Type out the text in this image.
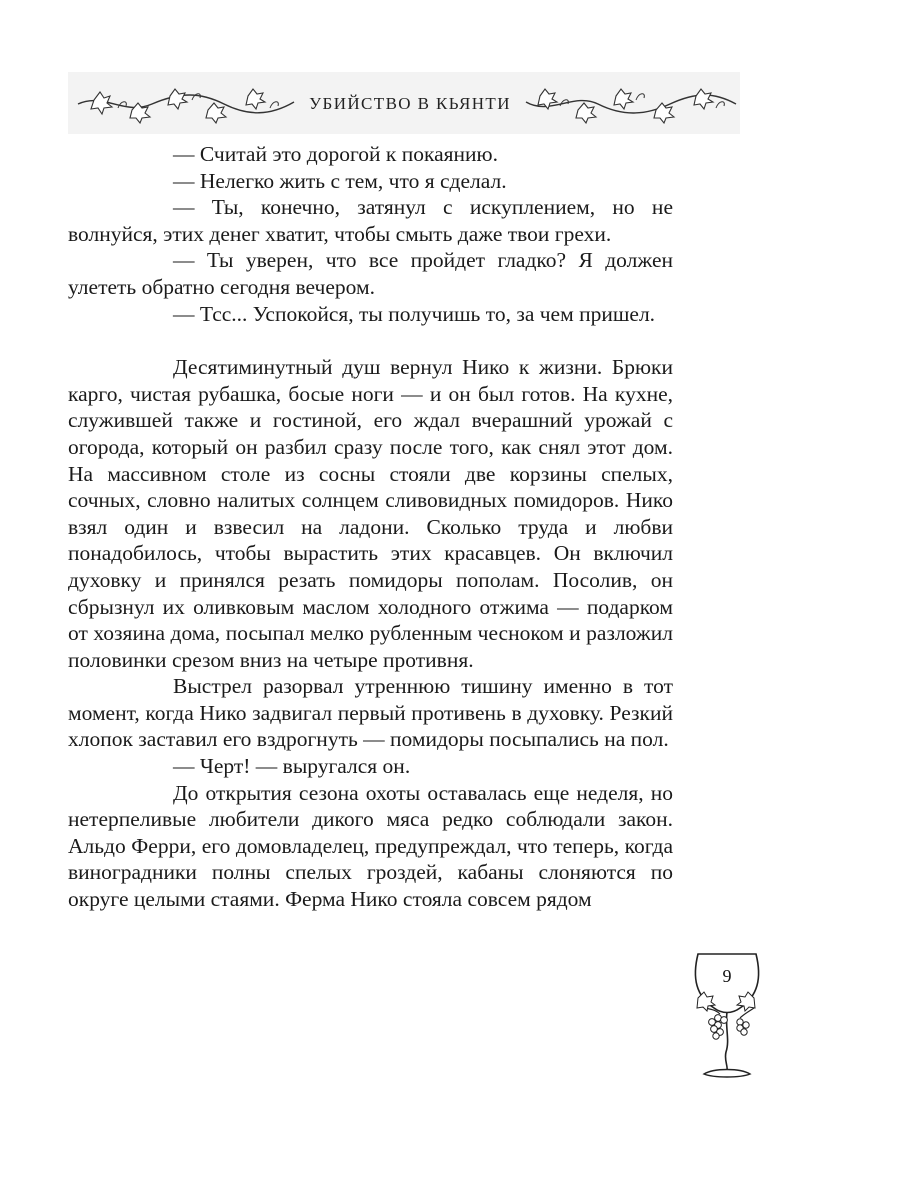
УБИЙСТВО В КЬЯНТИ

— Считай это дорогой к покаянию.

— Нелегко жить с тем, что я сделал.

— Ты, конечно, затянул с искуплением, но не волнуйся, этих денег хватит, чтобы смыть даже твои грехи.

— Ты уверен, что все пройдет гладко? Я должен улететь обратно сегодня вечером.

— Тсс... Успокойся, ты получишь то, за чем пришел.

Десятиминутный душ вернул Нико к жизни. Брюки карго, чистая рубашка, босые ноги — и он был готов. На кухне, служившей также и гостиной, его ждал вчерашний урожай с огорода, который он разбил сразу после того, как снял этот дом. На массивном столе из сосны стояли две корзины спелых, сочных, словно налитых солнцем сливовидных помидоров. Нико взял один и взвесил на ладони. Сколько труда и любви понадобилось, чтобы вырастить этих красавцев. Он включил духовку и принялся резать помидоры пополам. Посолив, он сбрызнул их оливковым маслом холодного отжима — подарком от хозяина дома, посыпал мелко рубленным чесноком и разложил половинки срезом вниз на четыре противня.

Выстрел разорвал утреннюю тишину именно в тот момент, когда Нико задвигал первый противень в духовку. Резкий хлопок заставил его вздрогнуть — помидоры посыпались на пол.

— Черт! — выругался он.

До открытия сезона охоты оставалась еще неделя, но нетерпеливые любители дикого мяса редко соблюдали закон. Альдо Ферри, его домовладелец, предупреждал, что теперь, когда виноградники полны спелых гроздей, кабаны слоняются по округе целыми стаями. Ферма Нико стояла совсем рядом

9
